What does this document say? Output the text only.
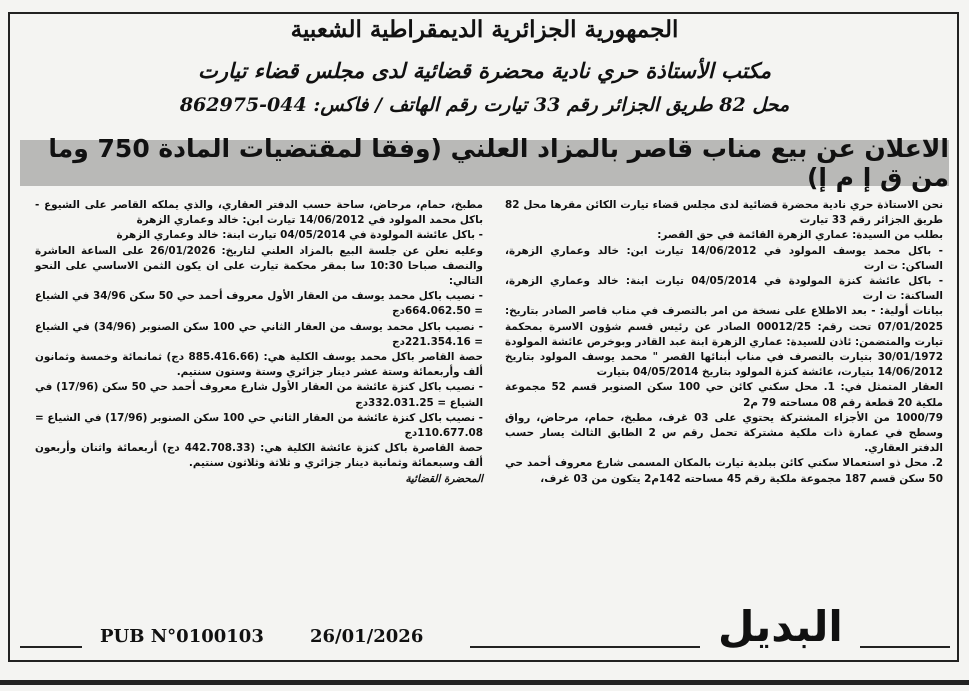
الجمهورية الجزائرية الديمقراطية الشعبية
مكتب الأستاذة حري نادية محضرة قضائية لدى مجلس قضاء تيارت
محل 82 طريق الجزائر رقم 33 تيارت رقم الهاتف / فاكس: 044-862975
الاعلان عن بيع مناب قاصر بالمزاد العلني (وفقا لمقتضيات المادة 750 وما من ق إ م إ)

نحن الاستاذة حري نادية محضرة قضائية لدى مجلس قضاء تيارت الكائن مقرها محل 82 طريق الجزائر رقم 33 تيارت

بطلب من السيدة: عماري الزهرة القائمة في حق القصر:

- باكل محمد يوسف المولود في 14/06/2012 تيارت ابن: خالد وعماري الزهرة، الساكن: ت ارت

- باكل عائشة كنزة المولودة في 04/05/2014 تيارت ابنة: خالد وعماري الزهرة، الساكنة: ت ارت

بيانات أولية: - بعد الاطلاع على نسخة من امر بالتصرف في مناب قاصر الصادر بتاريخ: 07/01/2025 تحت رقم: 00012/25 الصادر عن رئيس قسم شؤون الاسرة بمحكمة تيارت والمتضمن: ئاذن للسيدة: عماري الزهرة ابنة عبد القادر وبوخرص عائشة المولودة 30/01/1972 بتيارت بالتصرف في مناب أبنائها القصر " محمد يوسف المولود بتاريخ 14/06/2012 بتيارت، عائشة كنزة المولود بتاريخ 04/05/2014 بتيارت

العقار المتمثل في: 1. محل سكني كائن حي 100 سكن الصنوبر قسم 52 مجموعة ملكية 20 قطعة رقم 08 مساحته 79 م2

1000/79 من الأجزاء المشتركة يحتوي على 03 غرف، مطبخ، حمام، مرحاض، رواق وسطح في عمارة ذات ملكية مشتركة تحمل رقم س 2 الطابق الثالث يسار حسب الدفتر العقاري.

2. محل ذو استعمالا سكني كائن ببلدية تيارت بالمكان المسمى شارع معروف أحمد حي 50 سكن قسم 187 مجموعة ملكية رقم 45 مساحته 142م2 يتكون من 03 غرف،

مطبخ، حمام، مرحاض، ساحة حسب الدفتر العقاري، والذي يملكه القاصر على الشيوع - باكل محمد المولود في 14/06/2012 تيارت ابن: خالد وعماري الزهرة

- باكل عائشة المولودة في 04/05/2014 تيارت ابنة: خالد وعماري الزهرة

وعليه نعلن عن جلسة البيع بالمزاد العلني لتاريخ: 26/01/2026 على الساعة العاشرة والنصف صباحا 10:30 سا بمقر محكمة تيارت على ان يكون الثمن الاساسي على النحو التالي:

- نصيب باكل محمد يوسف من العقار الأول معروف أحمد حي 50 سكن 34/96 في الشياع = 664.062.50دج

- نصيب باكل محمد يوسف من العقار الثاني حي 100 سكن الصنوبر (34/96) في الشياع = 221.354.16دج

حصة القاصر باكل محمد يوسف الكلية هي: (885.416.66 دج) ثمانمائة وخمسة وثمانون ألف وأربعمائة وستة عشر دينار جزائري وستة وستون سنتيم.

- نصيب باكل كنزة عائشة من العقار الأول شارع معروف أحمد حي 50 سكن (17/96) في الشياع = 332.031.25دج

- نصيب باكل كنزة عائشة من العقار الثاني حي 100 سكن الصنوبر (17/96) في الشياع = 110.677.08دج

حصة القاصرة باكل كنزة عائشة الكلية هي: (442.708.33 دج) أربعمائة واثنان وأربعون ألف وسبعمائة وثمانية دينار جزائري و ثلاثة وثلاثون سنتيم.

المحضرة القضائية

PUB N°0100103	26/01/2026	البديل
